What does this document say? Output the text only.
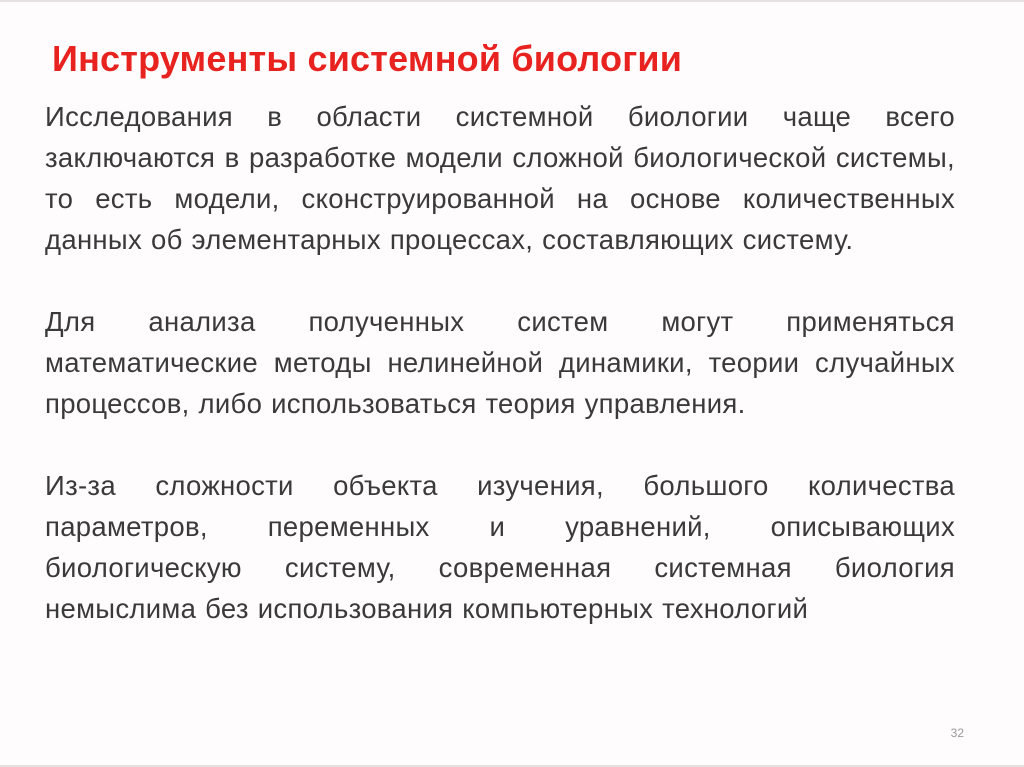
Инструменты системной биологии

Исследования в области системной биологии чаще всего заключаются в разработке модели сложной биологической системы, то есть модели, сконструированной на основе количественных данных об элементарных процессах, составляющих систему.

Для анализа полученных систем могут применяться математические методы нелинейной динамики, теории случайных процессов, либо использоваться теория управления.

Из-за сложности объекта изучения, большого количества параметров, переменных и уравнений, описывающих биологическую систему, современная системная биология немыслима без использования компьютерных технологий

32
